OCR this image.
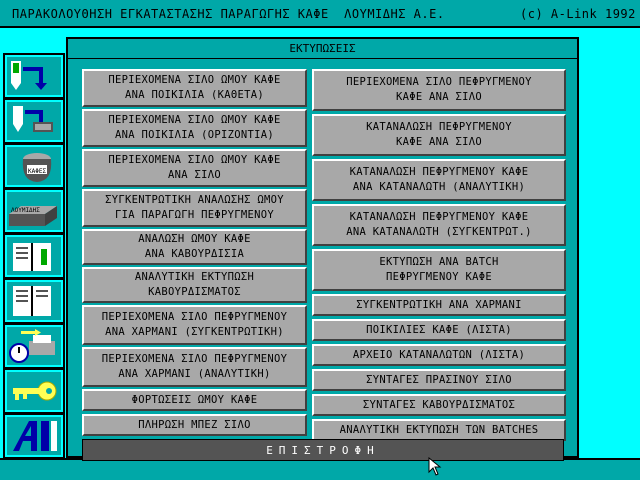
ΠΑΡΑΚΟΛΟΥΘΗΣΗ ΕΓΚΑΤΑΣΤΑΣΗΣ ΠΑΡΑΓΩΓΗΣ ΚΑΦΕ  ΛΟΥΜΙΔΗΣ Α.Ε.	(c) A-Link 1992
ΚΑΦΕΣ
ΛΟΥΜΙΔΗΣ
ΕΚΤΥΠΩΣΕΙΣ
ΠΕΡΙΕΧΟΜΕΝΑ ΣΙΛΟ ΩΜΟΥ ΚΑΦΕ
ΑΝΑ ΠΟΙΚΙΛΙΑ (ΚΑΘΕΤΑ)
ΠΕΡΙΕΧΟΜΕΝΑ ΣΙΛΟ ΩΜΟΥ ΚΑΦΕ
ΑΝΑ ΠΟΙΚΙΛΙΑ (ΟΡΙΖΟΝΤΙΑ)
ΠΕΡΙΕΧΟΜΕΝΑ ΣΙΛΟ ΩΜΟΥ ΚΑΦΕ
ΑΝΑ ΣΙΛΟ
ΣΥΓΚΕΝΤΡΩΤΙΚΗ ΑΝΑΛΩΣΗΣ ΩΜΟΥ
ΓΙΑ ΠΑΡΑΓΩΓΗ ΠΕΦΡΥΓΜΕΝΟΥ
ΑΝΑΛΩΣΗ ΩΜΟΥ ΚΑΦΕ
ΑΝΑ ΚΑΒΟΥΡΔΙΣΙΑ
ΑΝΑΛΥΤΙΚΗ ΕΚΤΥΠΩΣΗ
ΚΑΒΟΥΡΔΙΣΜΑΤΟΣ
ΠΕΡΙΕΧΟΜΕΝΑ ΣΙΛΟ ΠΕΦΡΥΓΜΕΝΟΥ
ΑΝΑ ΧΑΡΜΑΝΙ (ΣΥΓΚΕΝΤΡΩΤΙΚΗ)
ΠΕΡΙΕΧΟΜΕΝΑ ΣΙΛΟ ΠΕΦΡΥΓΜΕΝΟΥ
ΑΝΑ ΧΑΡΜΑΝΙ (ΑΝΑΛΥΤΙΚΗ)
ΦΟΡΤΩΣΕΙΣ ΩΜΟΥ ΚΑΦΕ
ΠΛΗΡΩΣΗ ΜΠΕΖ ΣΙΛΟ
ΠΕΡΙΕΧΟΜΕΝΑ ΣΙΛΟ ΠΕΦΡΥΓΜΕΝΟΥ
ΚΑΦΕ ΑΝΑ ΣΙΛΟ
ΚΑΤΑΝΑΛΩΣΗ ΠΕΦΡΥΓΜΕΝΟΥ
ΚΑΦΕ ΑΝΑ ΣΙΛΟ
ΚΑΤΑΝΑΛΩΣΗ ΠΕΦΡΥΓΜΕΝΟΥ ΚΑΦΕ
ΑΝΑ ΚΑΤΑΝΑΛΩΤΗ (ΑΝΑΛΥΤΙΚΗ)
ΚΑΤΑΝΑΛΩΣΗ ΠΕΦΡΥΓΜΕΝΟΥ ΚΑΦΕ
ΑΝΑ ΚΑΤΑΝΑΛΩΤΗ (ΣΥΓΚΕΝΤΡΩΤ.)
ΕΚΤΥΠΩΣΗ ΑΝΑ BATCH
ΠΕΦΡΥΓΜΕΝΟΥ ΚΑΦΕ
ΣΥΓΚΕΝΤΡΩΤΙΚΗ ΑΝΑ ΧΑΡΜΑΝΙ
ΠΟΙΚΙΛΙΕΣ ΚΑΦΕ (ΛΙΣΤΑ)
ΑΡΧΕΙΟ ΚΑΤΑΝΑΛΩΤΩΝ (ΛΙΣΤΑ)
ΣΥΝΤΑΓΕΣ ΠΡΑΣΙΝΟΥ ΣΙΛΟ
ΣΥΝΤΑΓΕΣ ΚΑΒΟΥΡΔΙΣΜΑΤΟΣ
ΑΝΑΛΥΤΙΚΗ ΕΚΤΥΠΩΣΗ ΤΩΝ BATCHES
ΕΠΙΣΤΡΟΦΗ
